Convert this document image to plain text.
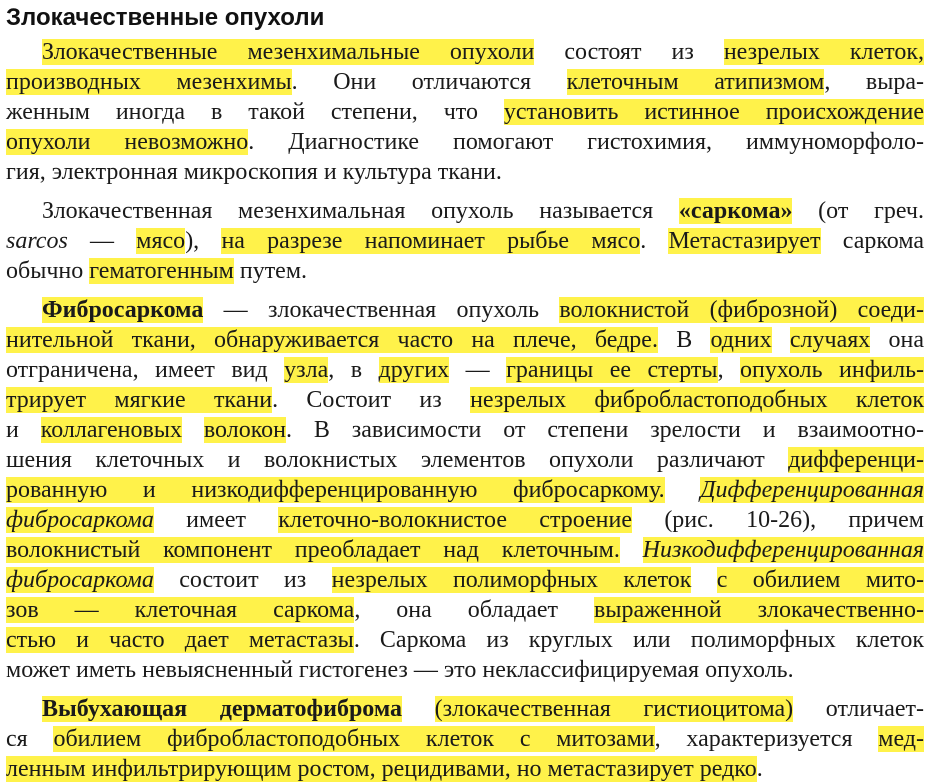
Злокачественные опухоли
Злокачественные мезенхимальные опухоли состоят из незрелых клеток,
производных мезенхимы. Они отличаются клеточным атипизмом, выра-
женным иногда в такой степени, что установить истинное происхождение
опухоли невозможно. Диагностике помогают гистохимия, иммуноморфоло-
гия, электронная микроскопия и культура ткани.
Злокачественная мезенхимальная опухоль называется «саркома» (от греч.
sarcos — мясо), на разрезе напоминает рыбье мясо. Метастазирует саркома
обычно гематогенным путем.
Фибросаркома — злокачественная опухоль волокнистой (фиброзной) соеди-
нительной ткани, обнаруживается часто на плече, бедре. В одних случаях она
отграничена, имеет вид узла, в других — границы ее стерты, опухоль инфиль-
трирует мягкие ткани. Состоит из незрелых фибробластоподобных клеток
и коллагеновых волокон. В зависимости от степени зрелости и взаимоотно-
шения клеточных и волокнистых элементов опухоли различают дифференци-
рованную и низкодифференцированную фибросаркому. Дифференцированная
фибросаркома имеет клеточно-волокнистое строение (рис. 10-26), причем
волокнистый компонент преобладает над клеточным. Низкодифференцированная
фибросаркома состоит из незрелых полиморфных клеток с обилием мито-
зов — клеточная саркома, она обладает выраженной злокачественно-
стью и часто дает метастазы. Саркома из круглых или полиморфных клеток
может иметь невыясненный гистогенез — это неклассифицируемая опухоль.
Выбухающая дерматофиброма (злокачественная гистиоцитома) отличает-
ся обилием фибробластоподобных клеток с митозами, характеризуется мед-
ленным инфильтрирующим ростом, рецидивами, но метастазирует редко.
